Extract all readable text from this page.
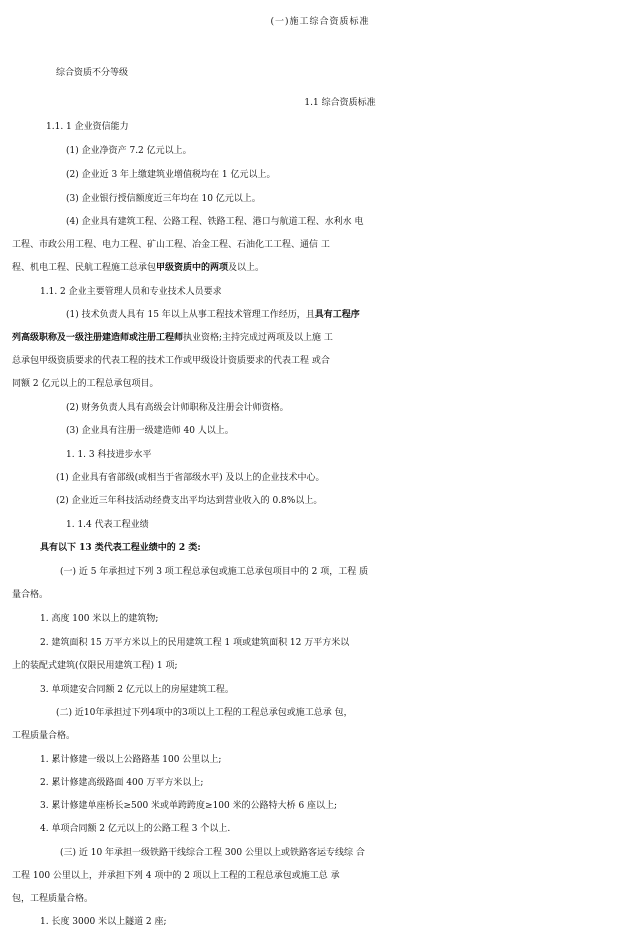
(一)施工综合资质标准
综合资质不分等级
1.1 综合资质标准
1.1. 1 企业资信能力
(1) 企业净资产 7.2 亿元以上。
(2) 企业近 3 年上缴建筑业增值税均在 1 亿元以上。
(3) 企业银行授信额度近三年均在 10 亿元以上。
(4) 企业具有建筑工程、公路工程、铁路工程、港口与航道工程、水利水 电
工程、市政公用工程、电力工程、矿山工程、冶金工程、石油化工工程、通信 工
程、机电工程、民航工程施工总承包甲级资质中的两项及以上。
1.1. 2 企业主要管理人员和专业技术人员要求
(1) 技术负责人具有 15 年以上从事工程技术管理工作经历，且具有工程序
列高级职称及一级注册建造师或注册工程师执业资格;主持完成过两项及以上施 工
总承包甲级资质要求的代表工程的技术工作或甲级设计资质要求的代表工程 或合
同额 2 亿元以上的工程总承包项目。
(2) 财务负责人具有高级会计师职称及注册会计师资格。
(3) 企业具有注册一级建造师 40 人以上。
1. 1. 3 科技进步水平
(1) 企业具有省部级(或相当于省部级水平) 及以上的企业技术中心。
(2) 企业近三年科技活动经费支出平均达到营业收入的 0.8%以上。
1. 1.4 代表工程业绩
具有以下 13 类代表工程业绩中的 2 类:
(一) 近 5 年承担过下列 3 项工程总承包或施工总承包项目中的 2 项，工程 质
量合格。
1. 高度 100 米以上的建筑物;
2. 建筑面积 15 万平方米以上的民用建筑工程 1 项或建筑面积 12 万平方米以
上的装配式建筑(仅限民用建筑工程) 1 项;
3. 单项建安合同额 2 亿元以上的房屋建筑工程。
(二) 近10年承担过下列4项中的3项以上工程的工程总承包或施工总承 包，
工程质量合格。
1. 累计修建一级以上公路路基 100 公里以上;
2. 累计修建高级路面 400 万平方米以上;
3. 累计修建单座桥长≥500 米或单跨跨度≥100 米的公路特大桥 6 座以上;
4. 单项合同额 2 亿元以上的公路工程 3 个以上.
(三) 近 10 年承担一级铁路干线综合工程 300 公里以上或铁路客运专线综 合
工程 100 公里以上，并承担下列 4 项中的 2 项以上工程的工程总承包或施工总 承
包，工程质量合格。
1. 长度 3000 米以上隧道 2 座;
